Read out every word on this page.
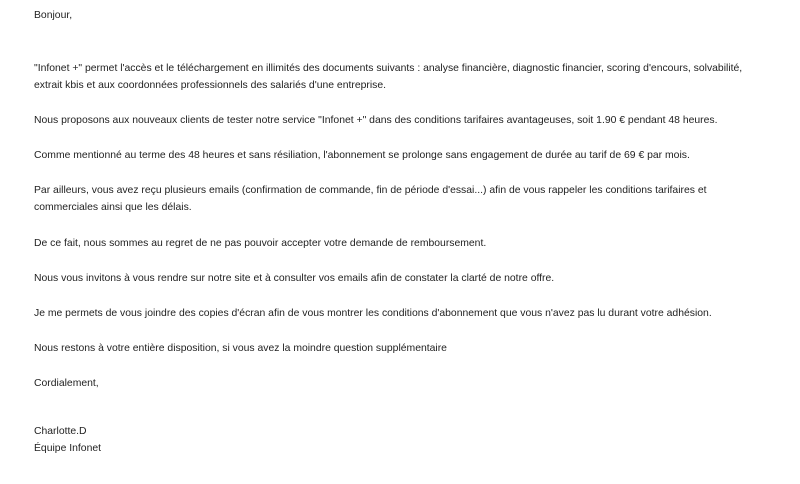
Bonjour,

"Infonet +" permet l'accès et le téléchargement en illimités des documents suivants : analyse financière, diagnostic financier, scoring d'encours, solvabilité, extrait kbis et aux coordonnées professionnels des salariés d'une entreprise.

Nous proposons aux nouveaux clients de tester notre service "Infonet +" dans des conditions tarifaires avantageuses, soit 1.90 € pendant 48 heures.

Comme mentionné au terme des 48 heures et sans résiliation, l'abonnement se prolonge sans engagement de durée au tarif de 69 € par mois.

Par ailleurs, vous avez reçu plusieurs emails (confirmation de commande, fin de période d'essai...) afin de vous rappeler les conditions tarifaires et commerciales ainsi que les délais.

De ce fait, nous sommes au regret de ne pas pouvoir accepter votre demande de remboursement.

Nous vous invitons à vous rendre sur notre site et à consulter vos emails afin de constater la clarté de notre offre.

Je me permets de vous joindre des copies d'écran afin de vous montrer les conditions d'abonnement que vous n'avez pas lu durant votre adhésion.

Nous restons à votre entière disposition, si vous avez la moindre question supplémentaire

Cordialement,

Charlotte.D

Équipe Infonet
